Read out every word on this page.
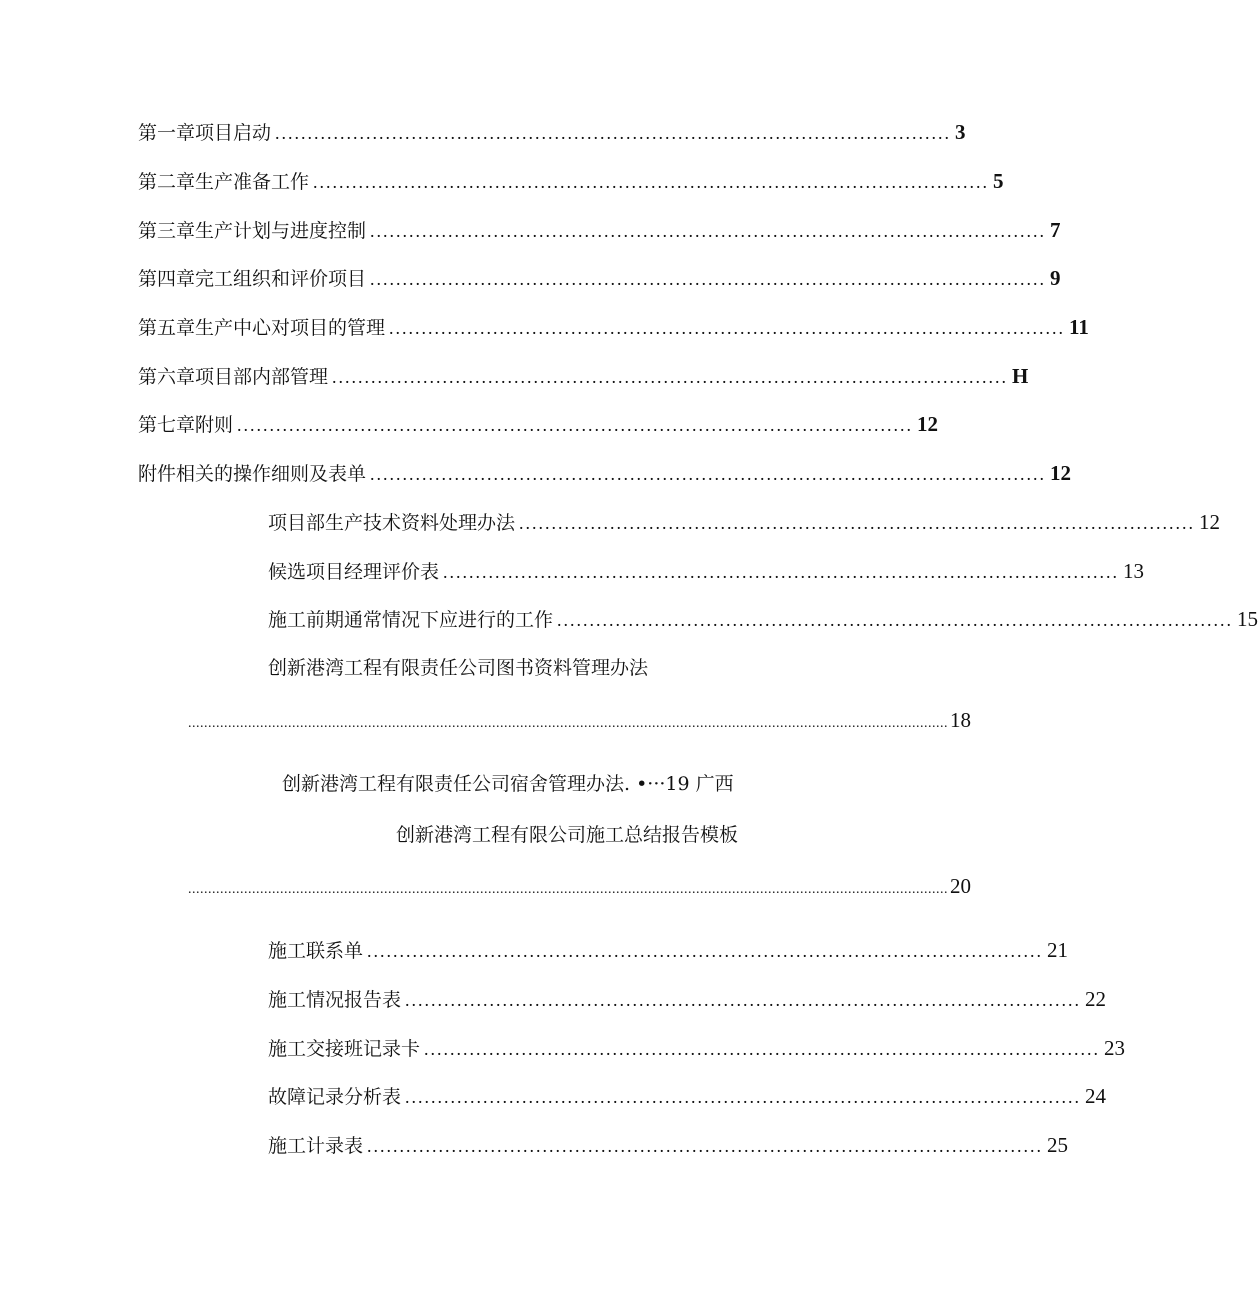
第一章项目启动 ........................................................................................................ 3
第二章 生产准备工作 ........................................................................................................ 5
第三章生产计划与进度控制 ........................................................................................................ 7
第四章 完工组织和评价项目 ........................................................................................................ 9
第五章 生产中心对项目的管理 ........................................................................................................ 11
第六章 项目部内部管理 ........................................................................................................ H
第七章附则 ........................................................................................................ 12
附件 相关的操作细则及表单 ........................................................................................................ 12
项目部生产技术资料处理办法 ........................................................................................................ 12
候选项目经理评价表 ........................................................................................................ 13
施工前期通常情况下应进行的工作 ........................................................................................................ 15
创新港湾工程有限责任公司图书资料管理办法
.............................................................................................................................................................................................. 18
创新港湾工程有限责任公司宿舍管理办法. •···19 广西
创新港湾工程有限公司施工总结报告模板
.............................................................................................................................................................................................. 20
施工联系单 ........................................................................................................ 21
施工情况报告表 ........................................................................................................ 22
施工交接班记录卡 ........................................................................................................ 23
故障记录分析表 ........................................................................................................ 24
施工计录表 ........................................................................................................ 25
